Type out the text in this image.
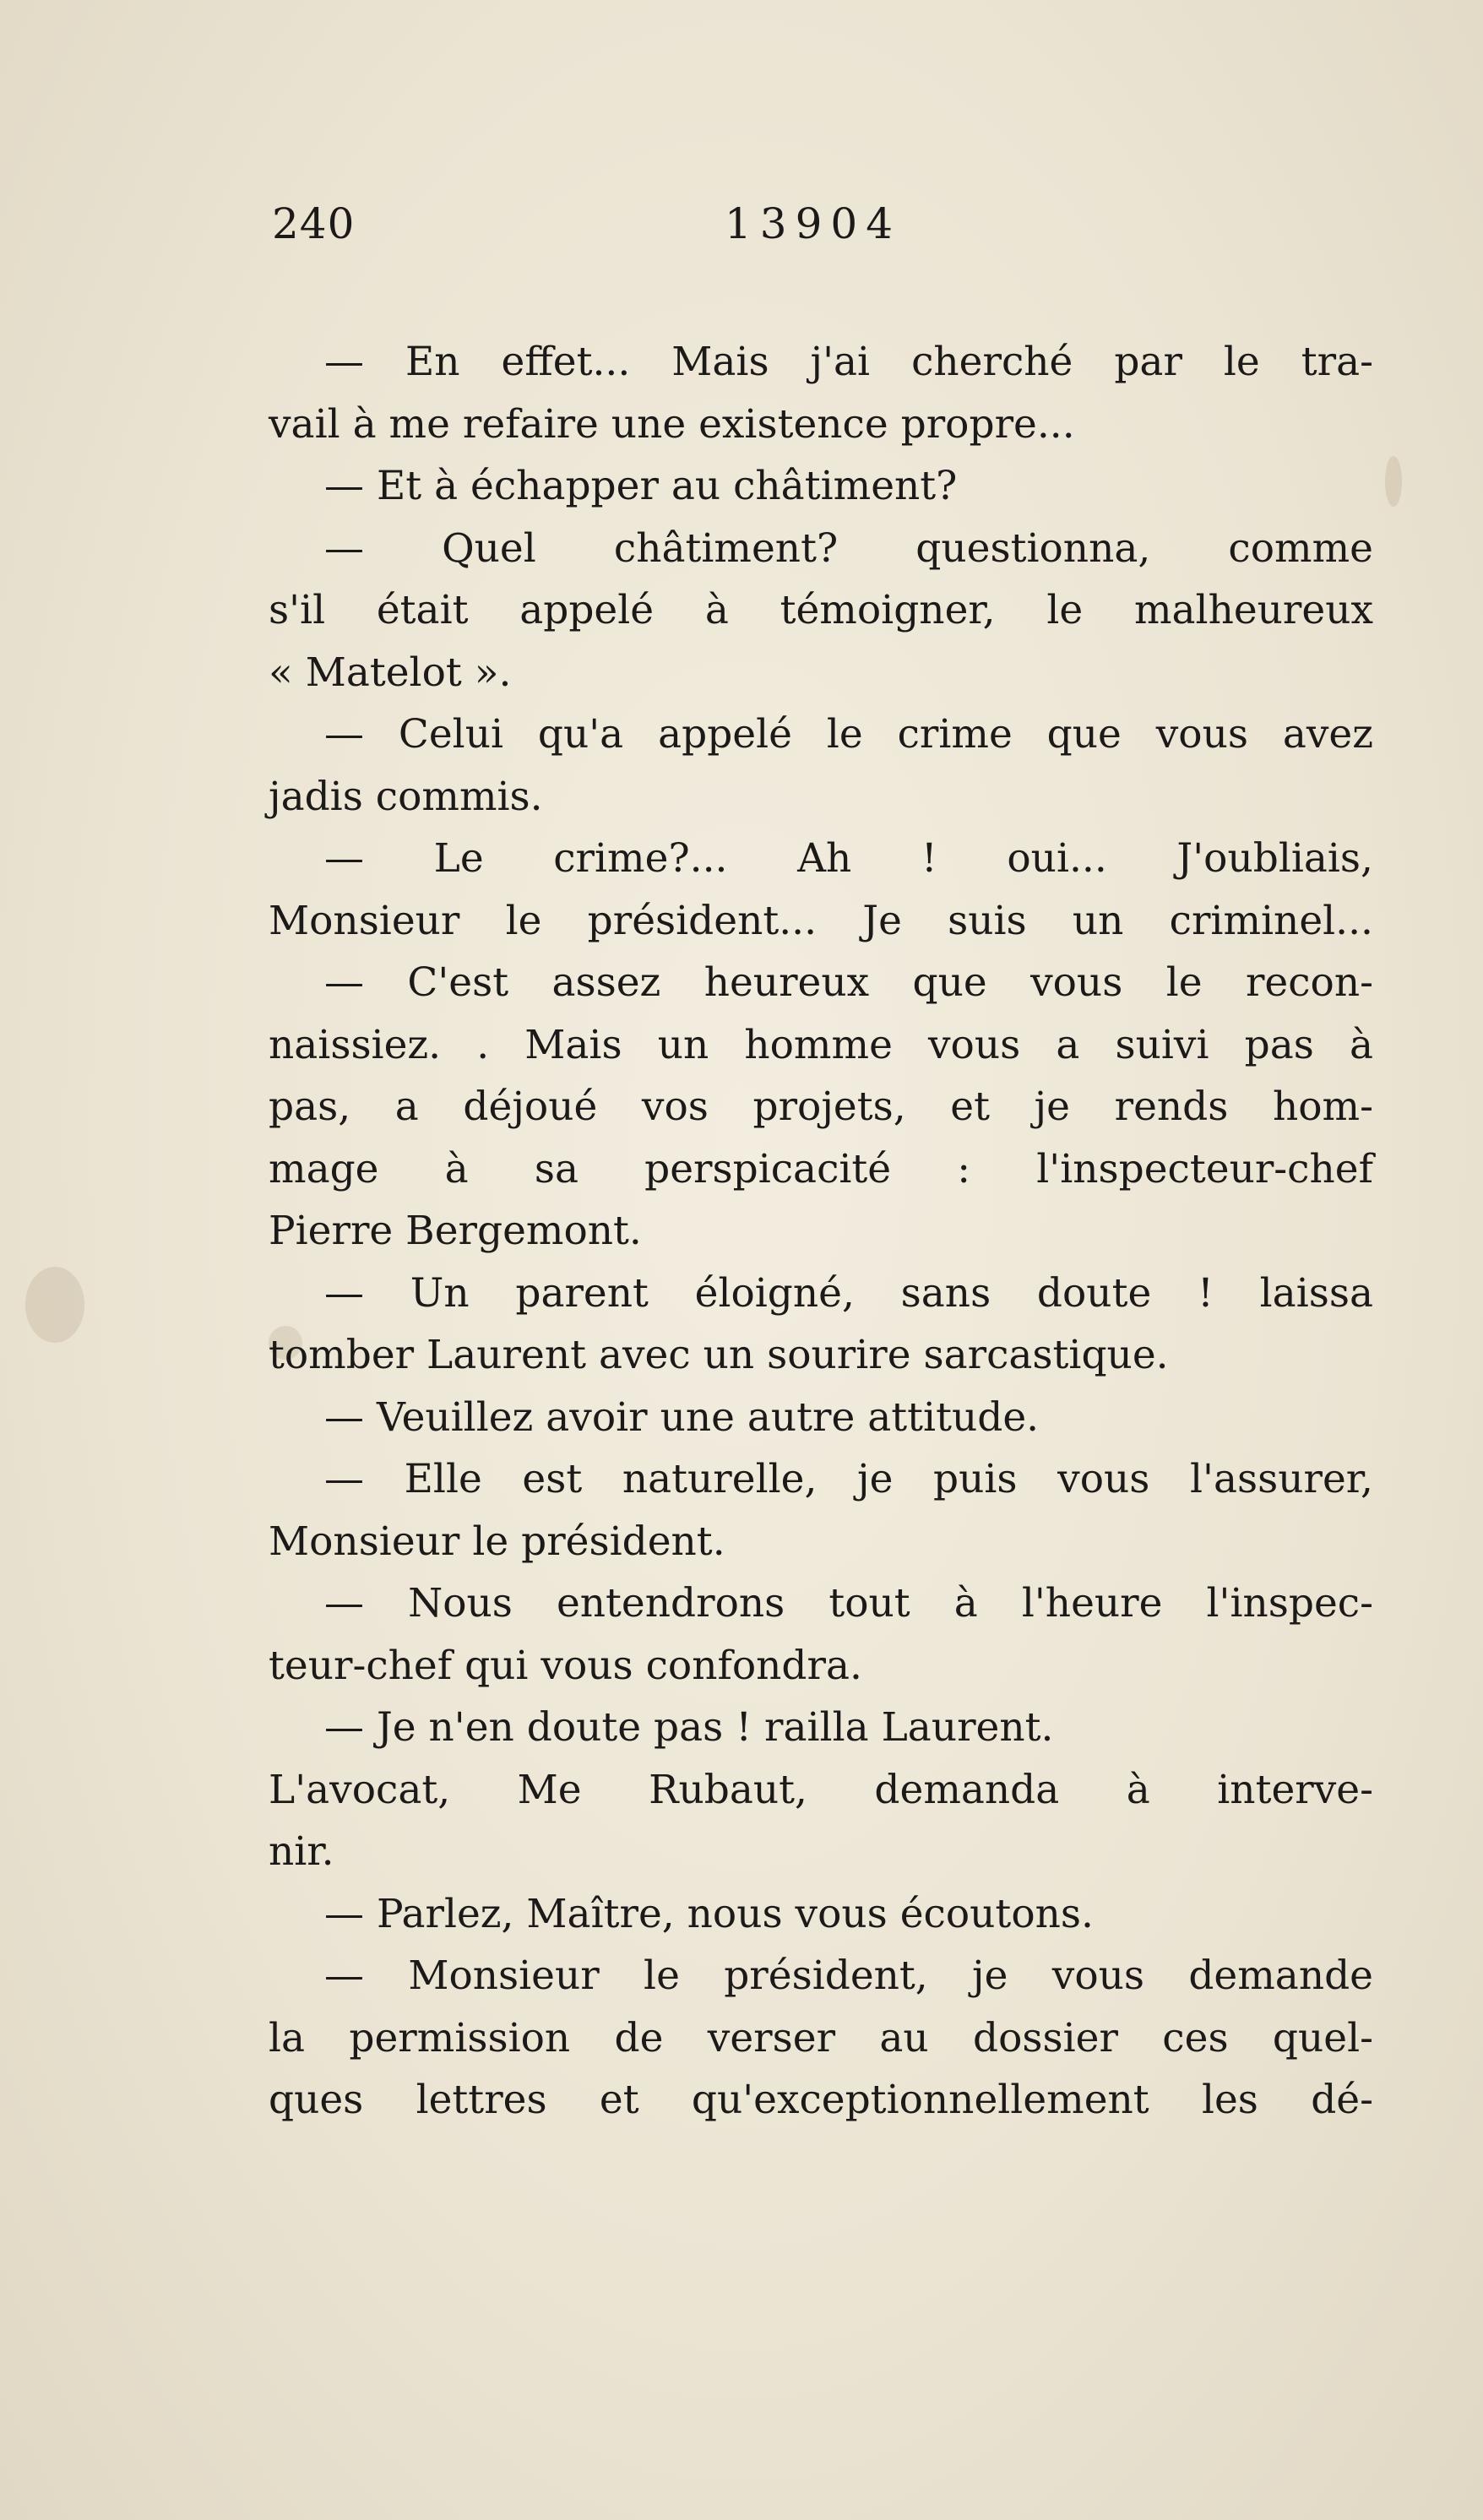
240	13904
— En effet... Mais j'ai cherché par le tra-
vail à me refaire une existence propre...
— Et à échapper au châtiment?
— Quel châtiment? questionna, comme
s'il était appelé à témoigner, le malheureux
« Matelot ».
— Celui qu'a appelé le crime que vous avez
jadis commis.
— Le crime?... Ah ! oui... J'oubliais,
Monsieur le président... Je suis un criminel...
— C'est assez heureux que vous le recon-
naissiez. . Mais un homme vous a suivi pas à
pas, a déjoué vos projets, et je rends hom-
mage à sa perspicacité : l'inspecteur-chef
Pierre Bergemont.
— Un parent éloigné, sans doute ! laissa
tomber Laurent avec un sourire sarcastique.
— Veuillez avoir une autre attitude.
— Elle est naturelle, je puis vous l'assurer,
Monsieur le président.
— Nous entendrons tout à l'heure l'inspec-
teur-chef qui vous confondra.
— Je n'en doute pas ! railla Laurent.
L'avocat, Me Rubaut, demanda à interve-
nir.
— Parlez, Maître, nous vous écoutons.
— Monsieur le président, je vous demande
la permission de verser au dossier ces quel-
ques lettres et qu'exceptionnellement les dé-
